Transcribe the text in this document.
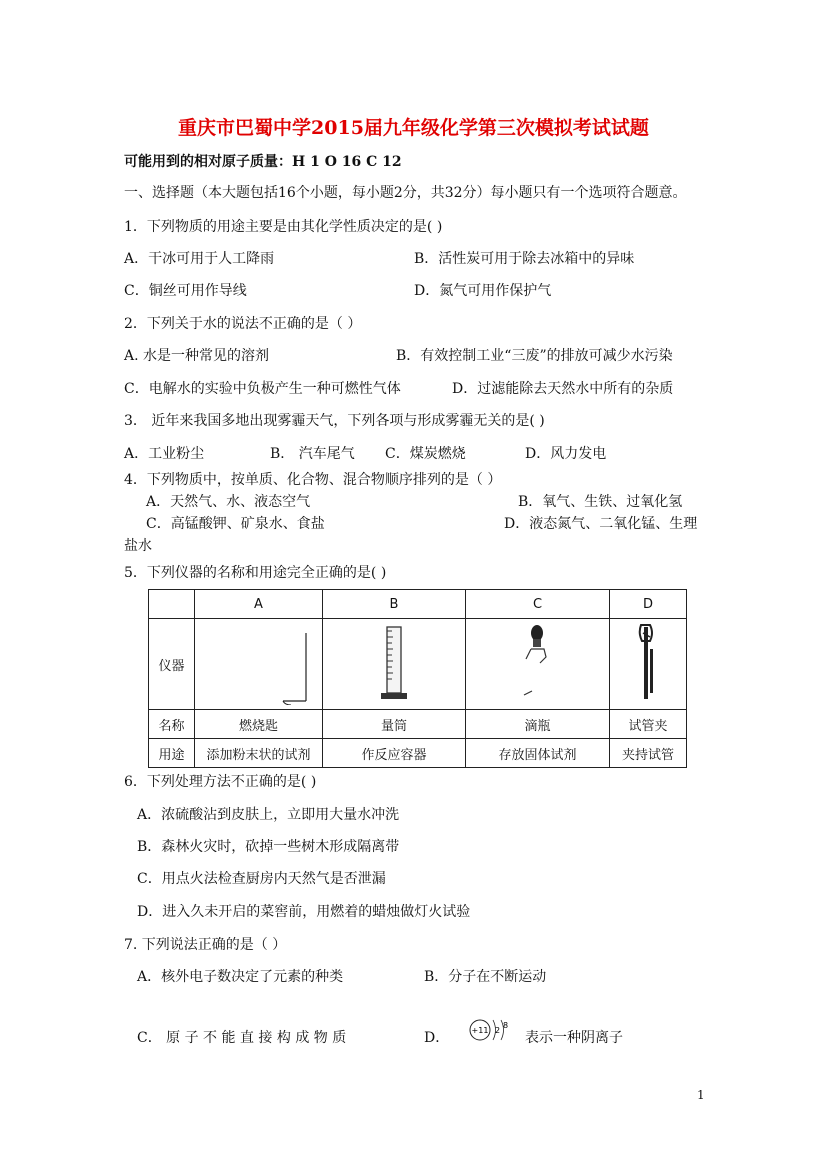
重庆市巴蜀中学2015届九年级化学第三次模拟考试试题
可能用到的相对原子质量：H 1 O 16 C 12
一、选择题（本大题包括16个小题，每小题2分，共32分）每小题只有一个选项符合题意。
1．下列物质的用途主要是由其化学性质决定的是( )
A．干冰可用于人工降雨	B．活性炭可用于除去冰箱中的异味
C．铜丝可用作导线	D．氮气可用作保护气
2．下列关于水的说法不正确的是（ ）
A. 水是一种常见的溶剂	B．有效控制工业“三废”的排放可减少水污染
C．电解水的实验中负极产生一种可燃性气体	D．过滤能除去天然水中所有的杂质
3． 近年来我国多地出现雾霾天气，下列各项与形成雾霾无关的是( )
A．工业粉尘	B． 汽车尾气 C．煤炭燃烧	D．风力发电
4．下列物质中，按单质、化合物、混合物顺序排列的是（ ）
A．天然气、水、液态空气	B．氧气、生铁、过氧化氢
C．高锰酸钾、矿泉水、食盐	D．液态氮气、二氧化锰、生理
盐水
5．下列仪器的名称和用途完全正确的是( )
	A	B	C	D
仪器				
名称	燃烧匙	量筒	滴瓶	试管夹
用途	添加粉末状的试剂	作反应容器	存放固体试剂	夹持试管
6．下列处理方法不正确的是( )
A．浓硫酸沾到皮肤上，立即用大量水冲洗
B．森林火灾时，砍掉一些树木形成隔离带
C．用点火法检查厨房内天然气是否泄漏
D．进入久未开启的菜窖前，用燃着的蜡烛做灯火试验
7. 下列说法正确的是（ ）
A．核外电子数决定了元素的种类	B．分子在不断运动
C． 原 子 不 能 直 接 构 成 物 质	D．	+11 2
8
表示一种阴离子
1
